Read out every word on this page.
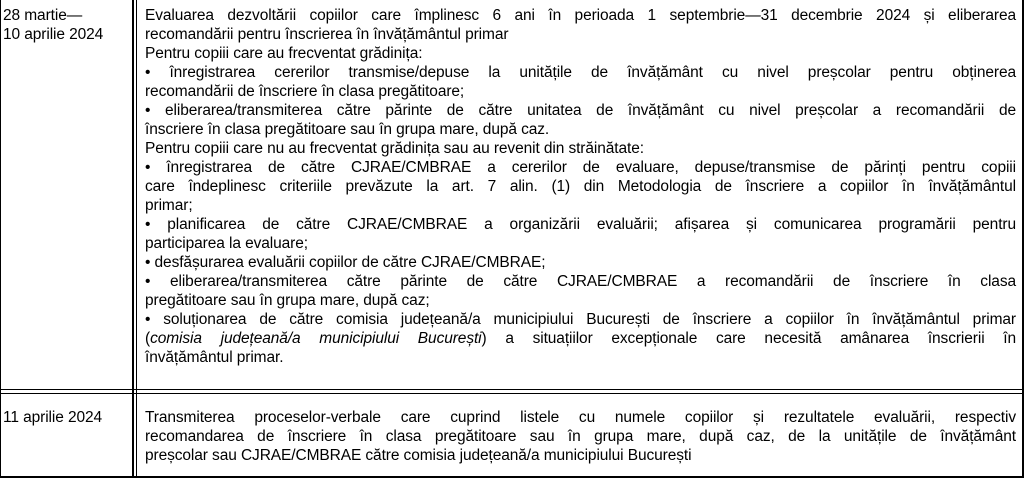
28 martie—
10 aprilie 2024
Evaluarea dezvoltării copiilor care împlinesc 6 ani în perioada 1 septembrie—31 decembrie 2024 și eliberarea
recomandării pentru înscrierea în învățământul primar
Pentru copiii care au frecventat grădinița:
• înregistrarea cererilor transmise/depuse la unitățile de învățământ cu nivel preșcolar pentru obținerea
recomandării de înscriere în clasa pregătitoare;
• eliberarea/transmiterea către părinte de către unitatea de învățământ cu nivel preșcolar a recomandării de
înscriere în clasa pregătitoare sau în grupa mare, după caz.
Pentru copiii care nu au frecventat grădinița sau au revenit din străinătate:
• înregistrarea de către CJRAE/CMBRAE a cererilor de evaluare, depuse/transmise de părinți pentru copiii
care îndeplinesc criteriile prevăzute la art. 7 alin. (1) din Metodologia de înscriere a copiilor în învățământul
primar;
• planificarea de către CJRAE/CMBRAE a organizării evaluării; afișarea și comunicarea programării pentru
participarea la evaluare;
• desfășurarea evaluării copiilor de către CJRAE/CMBRAE;
• eliberarea/transmiterea către părinte de către CJRAE/CMBRAE a recomandării de înscriere în clasa
pregătitoare sau în grupa mare, după caz;
• soluționarea de către comisia județeană/a municipiului București de înscriere a copiilor în învățământul primar
(comisia județeană/a municipiului București) a situațiilor excepționale care necesită amânarea înscrierii în
învățământul primar.
11 aprilie 2024	Transmiterea proceselor-verbale care cuprind listele cu numele copiilor și rezultatele evaluării, respectiv
recomandarea de înscriere în clasa pregătitoare sau în grupa mare, după caz, de la unitățile de învățământ
preșcolar sau CJRAE/CMBRAE către comisia județeană/a municipiului București
